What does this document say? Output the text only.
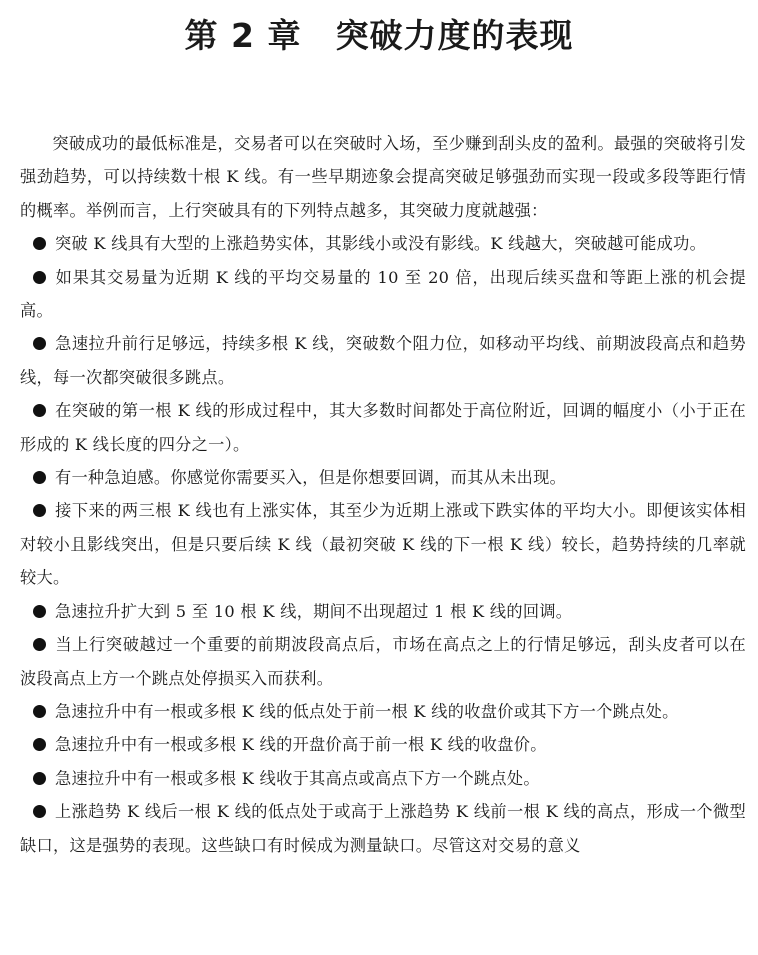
第 2 章 突破力度的表现

突破成功的最低标准是，交易者可以在突破时入场，至少赚到刮头皮的盈利。最强的突破将引发强劲趋势，可以持续数十根 K 线。有一些早期迹象会提高突破足够强劲而实现一段或多段等距行情的概率。举例而言，上行突破具有的下列特点越多，其突破力度就越强：

突破 K 线具有大型的上涨趋势实体，其影线小或没有影线。K 线越大，突破越可能成功。

如果其交易量为近期 K 线的平均交易量的 10 至 20 倍，出现后续买盘和等距上涨的机会提高。

急速拉升前行足够远，持续多根 K 线，突破数个阻力位，如移动平均线、前期波段高点和趋势线，每一次都突破很多跳点。

在突破的第一根 K 线的形成过程中，其大多数时间都处于高位附近，回调的幅度小（小于正在形成的 K 线长度的四分之一）。

有一种急迫感。你感觉你需要买入，但是你想要回调，而其从未出现。

接下来的两三根 K 线也有上涨实体，其至少为近期上涨或下跌实体的平均大小。即便该实体相对较小且影线突出，但是只要后续 K 线（最初突破 K 线的下一根 K 线）较长，趋势持续的几率就较大。

急速拉升扩大到 5 至 10 根 K 线，期间不出现超过 1 根 K 线的回调。

当上行突破越过一个重要的前期波段高点后，市场在高点之上的行情足够远，刮头皮者可以在波段高点上方一个跳点处停损买入而获利。

急速拉升中有一根或多根 K 线的低点处于前一根 K 线的收盘价或其下方一个跳点处。

急速拉升中有一根或多根 K 线的开盘价高于前一根 K 线的收盘价。

急速拉升中有一根或多根 K 线收于其高点或高点下方一个跳点处。

上涨趋势 K 线后一根 K 线的低点处于或高于上涨趋势 K 线前一根 K 线的高点，形成一个微型缺口，这是强势的表现。这些缺口有时候成为测量缺口。尽管这对交易的意义
